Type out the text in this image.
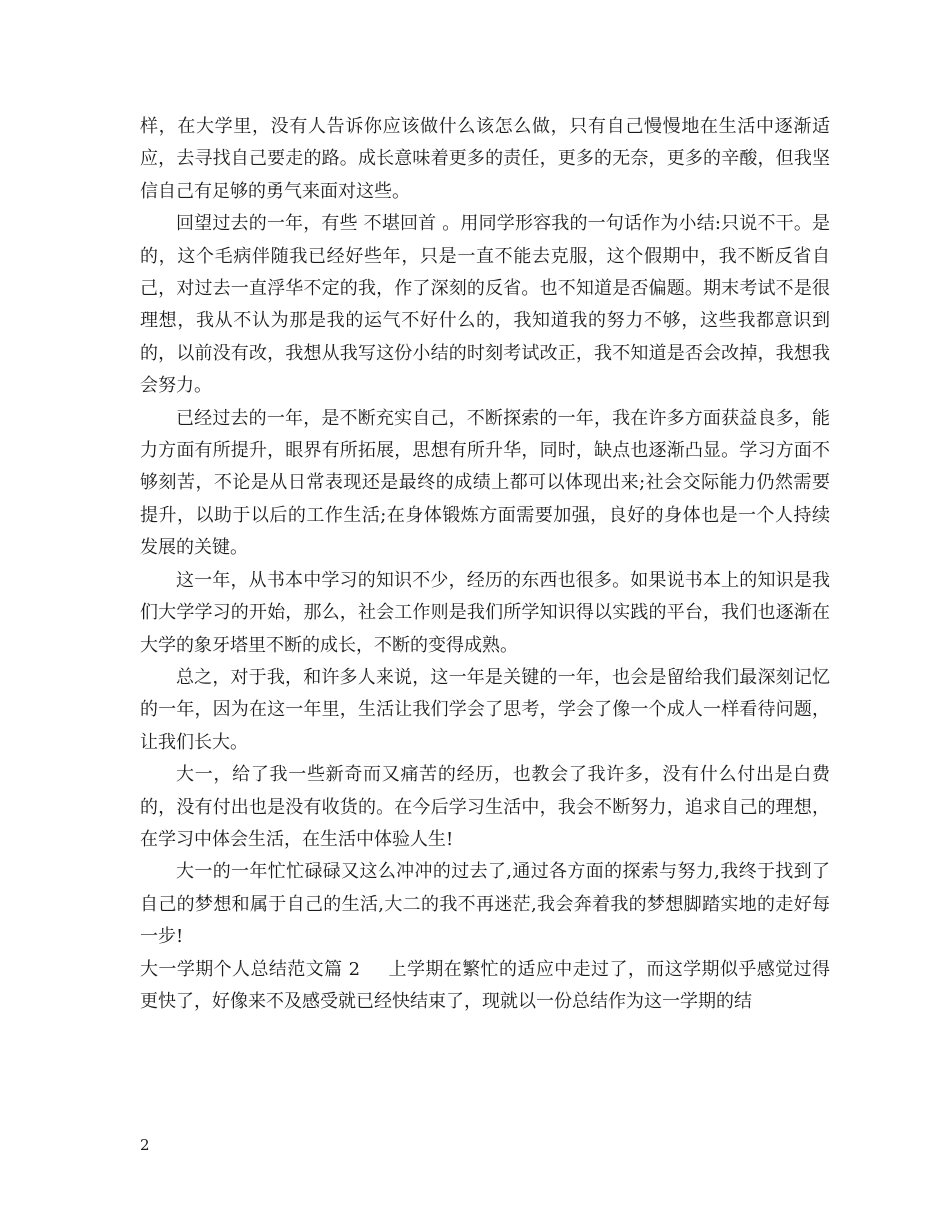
样，在大学里，没有人告诉你应该做什么该怎么做，只有自己慢慢地在生活中逐渐适应，去寻找自己要走的路。成长意味着更多的责任，更多的无奈，更多的辛酸，但我坚信自己有足够的勇气来面对这些。

回望过去的一年，有些 不堪回首 。用同学形容我的一句话作为小结:只说不干。是的，这个毛病伴随我已经好些年，只是一直不能去克服，这个假期中，我不断反省自己，对过去一直浮华不定的我，作了深刻的反省。也不知道是否偏题。期末考试不是很理想，我从不认为那是我的运气不好什么的，我知道我的努力不够，这些我都意识到的，以前没有改，我想从我写这份小结的时刻考试改正，我不知道是否会改掉，我想我会努力。

已经过去的一年，是不断充实自己，不断探索的一年，我在许多方面获益良多，能力方面有所提升，眼界有所拓展，思想有所升华，同时，缺点也逐渐凸显。学习方面不够刻苦，不论是从日常表现还是最终的成绩上都可以体现出来;社会交际能力仍然需要提升，以助于以后的工作生活;在身体锻炼方面需要加强，良好的身体也是一个人持续发展的关键。

这一年，从书本中学习的知识不少，经历的东西也很多。如果说书本上的知识是我们大学学习的开始，那么，社会工作则是我们所学知识得以实践的平台，我们也逐渐在大学的象牙塔里不断的成长，不断的变得成熟。

总之，对于我，和许多人来说，这一年是关键的一年，也会是留给我们最深刻记忆的一年，因为在这一年里，生活让我们学会了思考，学会了像一个成人一样看待问题，让我们长大。

大一，给了我一些新奇而又痛苦的经历，也教会了我许多，没有什么付出是白费的，没有付出也是没有收货的。在今后学习生活中，我会不断努力，追求自己的理想，在学习中体会生活，在生活中体验人生!

大一的一年忙忙碌碌又这么冲冲的过去了,通过各方面的探索与努力,我终于找到了自己的梦想和属于自己的生活,大二的我不再迷茫,我会奔着我的梦想脚踏实地的走好每一步!

大一学期个人总结范文篇 2 上学期在繁忙的适应中走过了，而这学期似乎感觉过得更快了，好像来不及感受就已经快结束了，现就以一份总结作为这一学期的结

2
